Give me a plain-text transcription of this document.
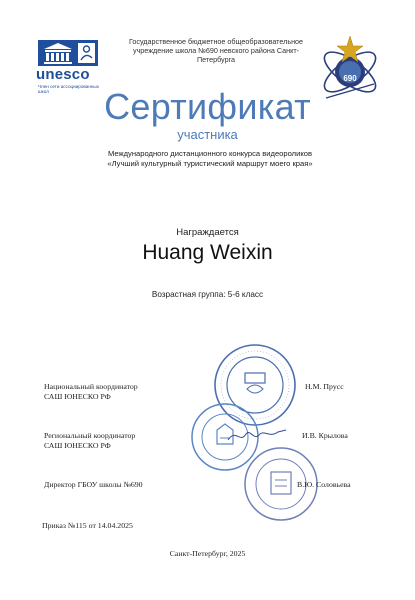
unesco
Член сети ассоциированных школ
Государственное бюджетное общеобразовательное учреждение школа №690 невского района Санкт-Петербурга
690
Сертификат
участника
Международного дистанционного конкурса видеороликов
«Лучший культурный туристический маршрут моего края»
Награждается
Huang Weixin
Возрастная группа: 5-6 класс
Национальный координатор
САШ ЮНЕСКО РФ
Н.М. Прусс
Региональный координатор
САШ ЮНЕСКО РФ
И.В. Крылова
Директор ГБОУ школы №690	В.Ю. Соловьева
Приказ №115 от 14.04.2025
Санкт-Петербург, 2025
